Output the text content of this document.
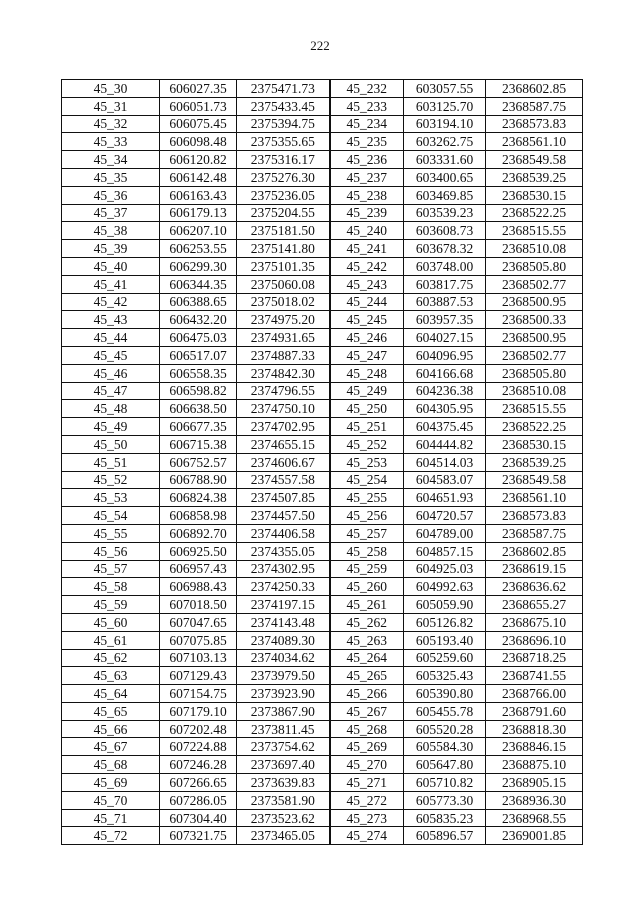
222
45_30	606027.35	2375471.73	45_232	603057.55	2368602.85
45_31	606051.73	2375433.45	45_233	603125.70	2368587.75
45_32	606075.45	2375394.75	45_234	603194.10	2368573.83
45_33	606098.48	2375355.65	45_235	603262.75	2368561.10
45_34	606120.82	2375316.17	45_236	603331.60	2368549.58
45_35	606142.48	2375276.30	45_237	603400.65	2368539.25
45_36	606163.43	2375236.05	45_238	603469.85	2368530.15
45_37	606179.13	2375204.55	45_239	603539.23	2368522.25
45_38	606207.10	2375181.50	45_240	603608.73	2368515.55
45_39	606253.55	2375141.80	45_241	603678.32	2368510.08
45_40	606299.30	2375101.35	45_242	603748.00	2368505.80
45_41	606344.35	2375060.08	45_243	603817.75	2368502.77
45_42	606388.65	2375018.02	45_244	603887.53	2368500.95
45_43	606432.20	2374975.20	45_245	603957.35	2368500.33
45_44	606475.03	2374931.65	45_246	604027.15	2368500.95
45_45	606517.07	2374887.33	45_247	604096.95	2368502.77
45_46	606558.35	2374842.30	45_248	604166.68	2368505.80
45_47	606598.82	2374796.55	45_249	604236.38	2368510.08
45_48	606638.50	2374750.10	45_250	604305.95	2368515.55
45_49	606677.35	2374702.95	45_251	604375.45	2368522.25
45_50	606715.38	2374655.15	45_252	604444.82	2368530.15
45_51	606752.57	2374606.67	45_253	604514.03	2368539.25
45_52	606788.90	2374557.58	45_254	604583.07	2368549.58
45_53	606824.38	2374507.85	45_255	604651.93	2368561.10
45_54	606858.98	2374457.50	45_256	604720.57	2368573.83
45_55	606892.70	2374406.58	45_257	604789.00	2368587.75
45_56	606925.50	2374355.05	45_258	604857.15	2368602.85
45_57	606957.43	2374302.95	45_259	604925.03	2368619.15
45_58	606988.43	2374250.33	45_260	604992.63	2368636.62
45_59	607018.50	2374197.15	45_261	605059.90	2368655.27
45_60	607047.65	2374143.48	45_262	605126.82	2368675.10
45_61	607075.85	2374089.30	45_263	605193.40	2368696.10
45_62	607103.13	2374034.62	45_264	605259.60	2368718.25
45_63	607129.43	2373979.50	45_265	605325.43	2368741.55
45_64	607154.75	2373923.90	45_266	605390.80	2368766.00
45_65	607179.10	2373867.90	45_267	605455.78	2368791.60
45_66	607202.48	2373811.45	45_268	605520.28	2368818.30
45_67	607224.88	2373754.62	45_269	605584.30	2368846.15
45_68	607246.28	2373697.40	45_270	605647.80	2368875.10
45_69	607266.65	2373639.83	45_271	605710.82	2368905.15
45_70	607286.05	2373581.90	45_272	605773.30	2368936.30
45_71	607304.40	2373523.62	45_273	605835.23	2368968.55
45_72	607321.75	2373465.05	45_274	605896.57	2369001.85
